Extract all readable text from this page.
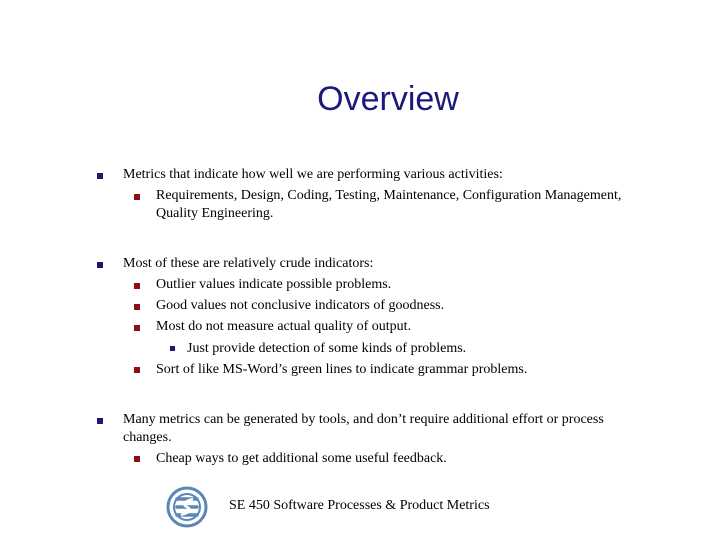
Overview
Metrics that indicate how well we are performing various activities:
Requirements, Design, Coding, Testing, Maintenance, Configuration Management,
Quality Engineering.
Most of these are relatively crude indicators:
Outlier values indicate possible problems.
Good values not conclusive indicators of goodness.
Most do not measure actual quality of output.
Just provide detection of some kinds of problems.
Sort of like MS-Word’s green lines to indicate grammar problems.
Many metrics can be generated by tools, and don’t require additional effort or process
changes.
Cheap ways to get additional some useful feedback.
SE 450 Software Processes & Product Metrics
